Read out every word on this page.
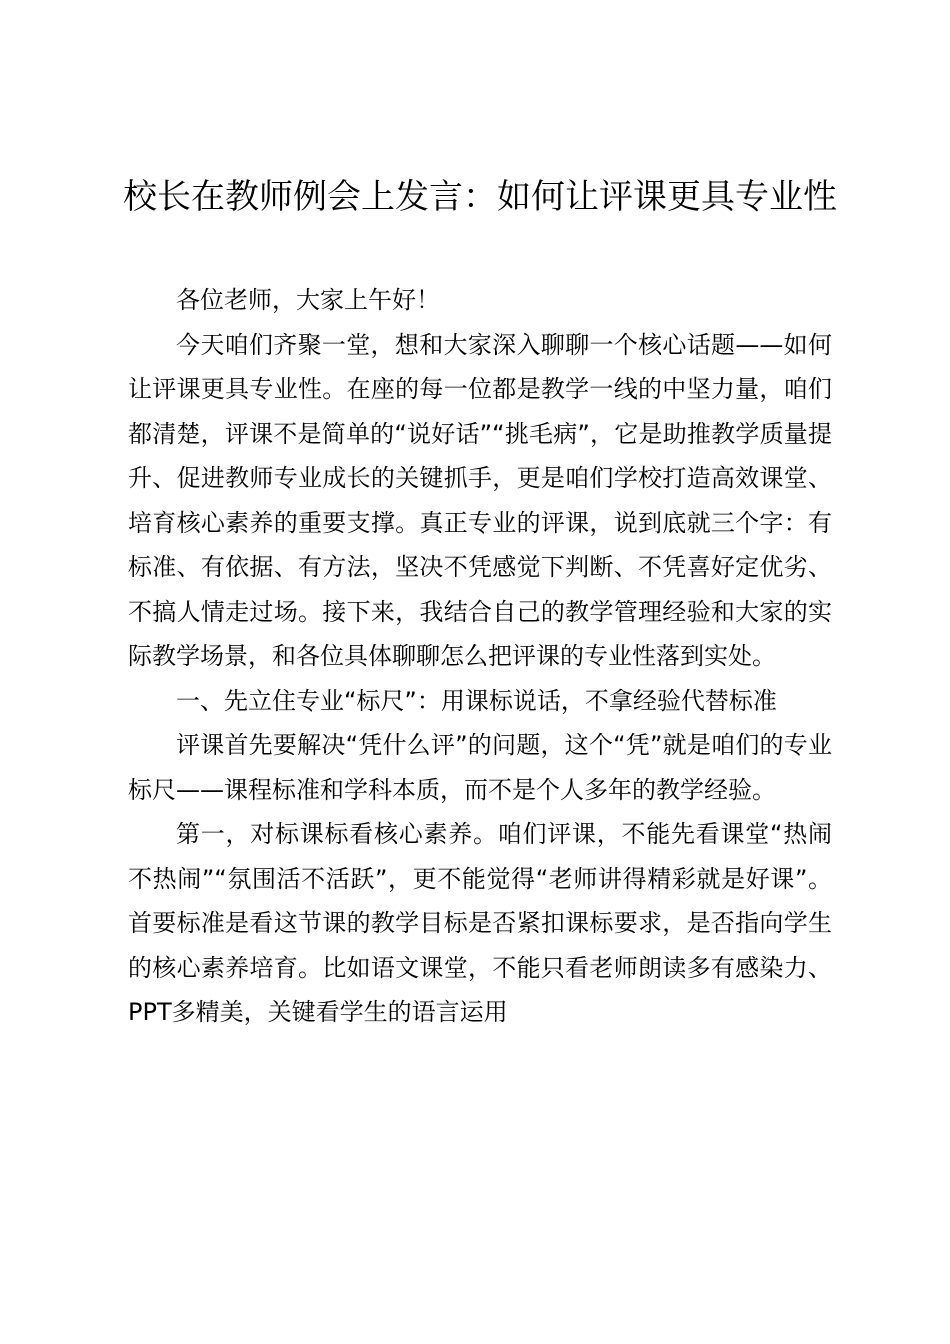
校长在教师例会上发言：如何让评课更具专业性

各位老师，大家上午好！

今天咱们齐聚一堂，想和大家深入聊聊一个核心话题——如何让评课更具专业性。在座的每一位都是教学一线的中坚力量，咱们都清楚，评课不是简单的“说好话”“挑毛病”，它是助推教学质量提升、促进教师专业成长的关键抓手，更是咱们学校打造高效课堂、培育核心素养的重要支撑。真正专业的评课，说到底就三个字：有标准、有依据、有方法，坚决不凭感觉下判断、不凭喜好定优劣、不搞人情走过场。接下来，我结合自己的教学管理经验和大家的实际教学场景，和各位具体聊聊怎么把评课的专业性落到实处。

一、先立住专业“标尺”：用课标说话，不拿经验代替标准

评课首先要解决“凭什么评”的问题，这个“凭”就是咱们的专业标尺——课程标准和学科本质，而不是个人多年的教学经验。

第一，对标课标看核心素养。咱们评课，不能先看课堂“热闹不热闹”“氛围活不活跃”，更不能觉得“老师讲得精彩就是好课”。首要标准是看这节课的教学目标是否紧扣课标要求，是否指向学生的核心素养培育。比如语文课堂，不能只看老师朗读多有感染力、PPT多精美，关键看学生的语言运用
